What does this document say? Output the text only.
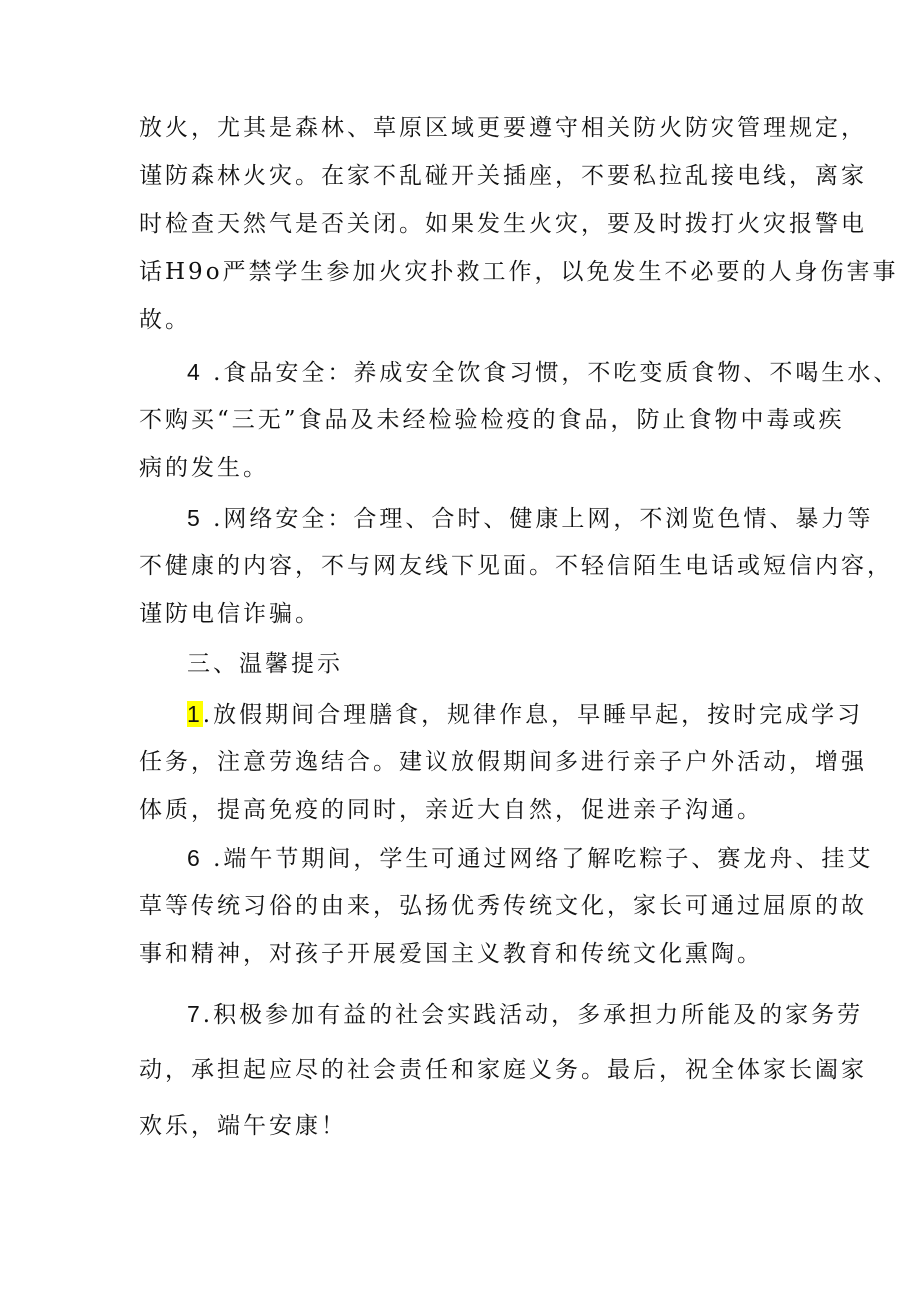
放火，尤其是森林、草原区域更要遵守相关防火防灾管理规定，
谨防森林火灾。在家不乱碰开关插座，不要私拉乱接电线，离家
时检查天然气是否关闭。如果发生火灾，要及时拨打火灾报警电
话H9o严禁学生参加火灾扑救工作，以免发生不必要的人身伤害事
故。
4 .食品安全：养成安全饮食习惯，不吃变质食物、不喝生水、
不购买“三无”食品及未经检验检疫的食品，防止食物中毒或疾
病的发生。
5 .网络安全：合理、合时、健康上网，不浏览色情、暴力等
不健康的内容，不与网友线下见面。不轻信陌生电话或短信内容，
谨防电信诈骗。
三、温馨提示
1.放假期间合理膳食，规律作息，早睡早起，按时完成学习
任务，注意劳逸结合。建议放假期间多进行亲子户外活动，增强
体质，提高免疫的同时，亲近大自然，促进亲子沟通。
6 .端午节期间，学生可通过网络了解吃粽子、赛龙舟、挂艾
草等传统习俗的由来，弘扬优秀传统文化，家长可通过屈原的故
事和精神，对孩子开展爱国主义教育和传统文化熏陶。
7.积极参加有益的社会实践活动，多承担力所能及的家务劳
动，承担起应尽的社会责任和家庭义务。最后，祝全体家长阖家
欢乐，端午安康！
